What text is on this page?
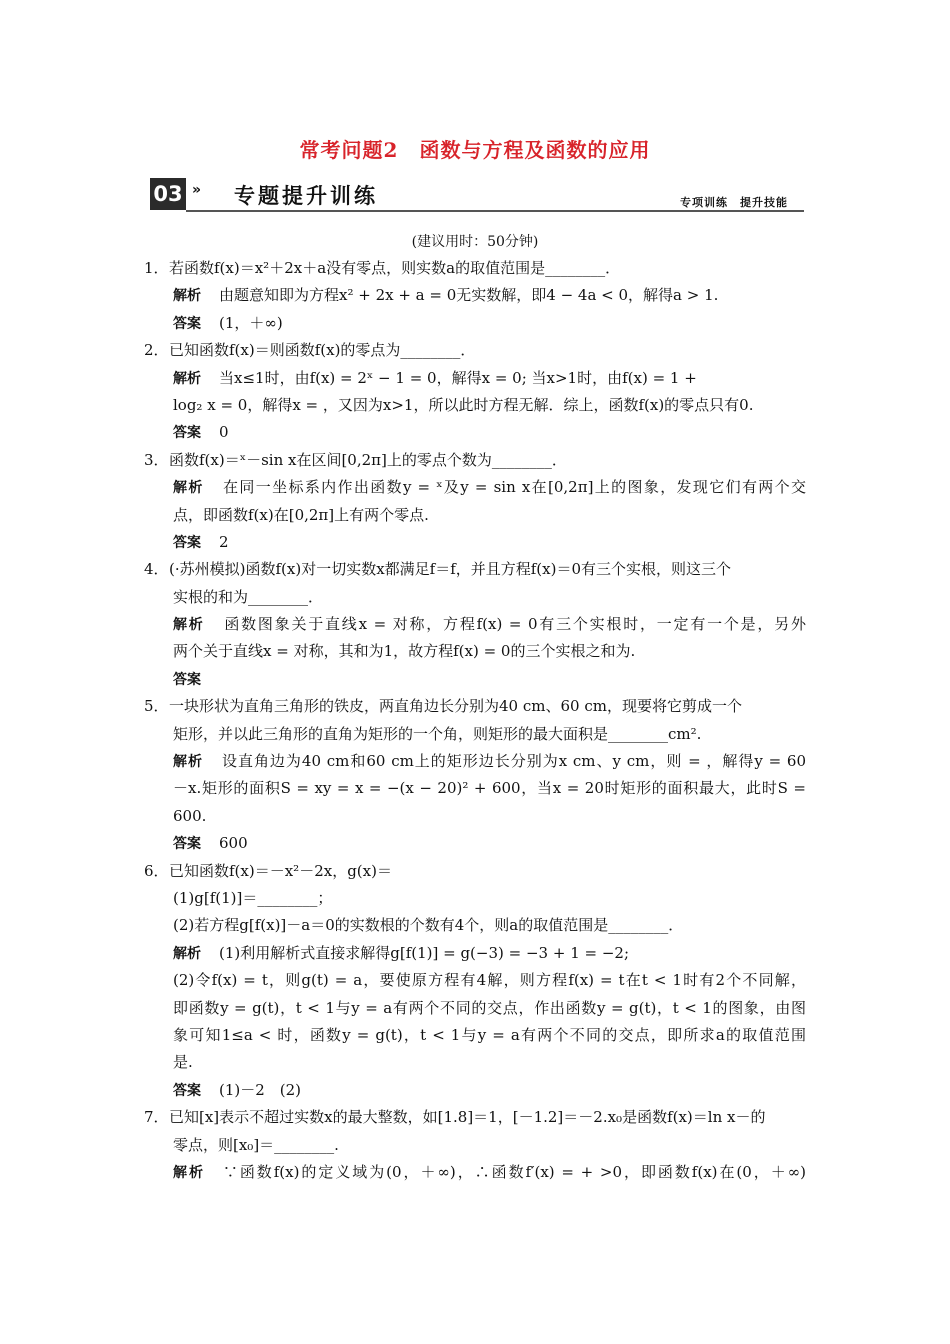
常考问题2　函数与方程及函数的应用
03 » 专题提升训练	专项训练　提升技能
(建议用时：50分钟)
1．若函数f(x)＝x²＋2x＋a没有零点，则实数a的取值范围是________．
解析 由题意知即为方程x² + 2x + a = 0无实数解，即4 − 4a < 0，解得a > 1.
答案 (1，＋∞)
2．已知函数f(x)＝则函数f(x)的零点为________．
解析 当x≤1时，由f(x) = 2ˣ − 1 = 0，解得x = 0; 当x>1时，由f(x) = 1 +
log₂ x = 0，解得x = ，又因为x>1，所以此时方程无解．综上，函数f(x)的零点只有0.
答案 0
3．函数f(x)＝ˣ－sin x在区间[0,2π]上的零点个数为________．
解析 在同一坐标系内作出函数y = ˣ及y = sin x在[0,2π]上的图象，发现它们有两个交
点，即函数f(x)在[0,2π]上有两个零点.
答案 2
4．(·苏州模拟)函数f(x)对一切实数x都满足f＝f，并且方程f(x)＝0有三个实根，则这三个
实根的和为________．
解析 函数图象关于直线x = 对称，方程f(x) = 0有三个实根时，一定有一个是，另外
两个关于直线x = 对称，其和为1，故方程f(x) = 0的三个实根之和为.
答案
5．一块形状为直角三角形的铁皮，两直角边长分别为40 cm、60 cm，现要将它剪成一个
矩形，并以此三角形的直角为矩形的一个角，则矩形的最大面积是________cm².
解析 设直角边为40 cm和60 cm上的矩形边长分别为x cm、y cm，则 = ，解得y = 60
－x.矩形的面积S = xy = x = −(x − 20)² + 600，当x = 20时矩形的面积最大，此时S =
600.
答案 600
6．已知函数f(x)＝－x²－2x，g(x)＝
(1)g[f(1)]＝________；
(2)若方程g[f(x)]－a＝0的实数根的个数有4个，则a的取值范围是________．
解析 (1)利用解析式直接求解得g[f(1)] = g(−3) = −3 + 1 = −2;
(2)令f(x) = t，则g(t) = a，要使原方程有4解，则方程f(x) = t在t < 1时有2个不同解，
即函数y = g(t)，t < 1与y = a有两个不同的交点，作出函数y = g(t)，t < 1的图象，由图
象可知1≤a < 时，函数y = g(t)，t < 1与y = a有两个不同的交点，即所求a的取值范围
是.
答案 (1)－2　(2)
7．已知[x]表示不超过实数x的最大整数，如[1.8]＝1，[－1.2]＝－2.x₀是函数f(x)＝ln x－的
零点，则[x₀]＝________.
解析 ∵函数f(x)的定义域为(0，＋∞)，∴函数f′(x) = + >0，即函数f(x)在(0，＋∞)
